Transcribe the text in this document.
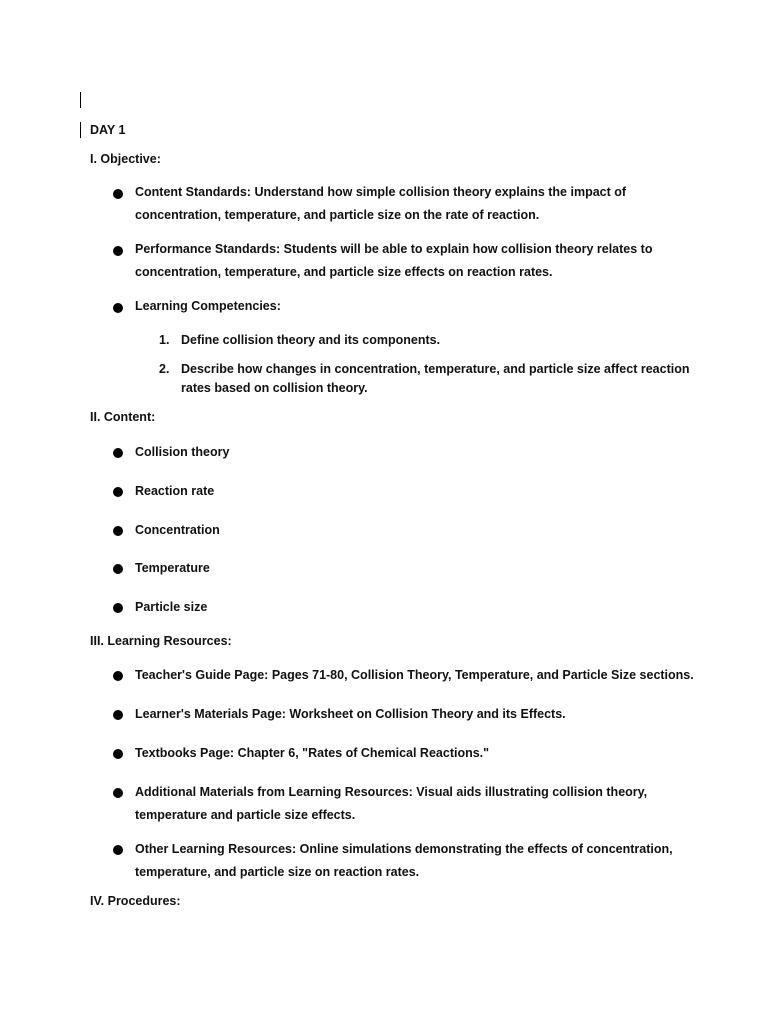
DAY 1
I. Objective:
Content Standards: Understand how simple collision theory explains the impact of concentration, temperature, and particle size on the rate of reaction.
Performance Standards: Students will be able to explain how collision theory relates to concentration, temperature, and particle size effects on reaction rates.
Learning Competencies:
1. Define collision theory and its components.
2. Describe how changes in concentration, temperature, and particle size affect reaction rates based on collision theory.
II. Content:
Collision theory
Reaction rate
Concentration
Temperature
Particle size
III. Learning Resources:
Teacher's Guide Page: Pages 71-80, Collision Theory, Temperature, and Particle Size sections.
Learner's Materials Page: Worksheet on Collision Theory and its Effects.
Textbooks Page: Chapter 6, "Rates of Chemical Reactions."
Additional Materials from Learning Resources: Visual aids illustrating collision theory, temperature and particle size effects.
Other Learning Resources: Online simulations demonstrating the effects of concentration, temperature, and particle size on reaction rates.
IV. Procedures:
